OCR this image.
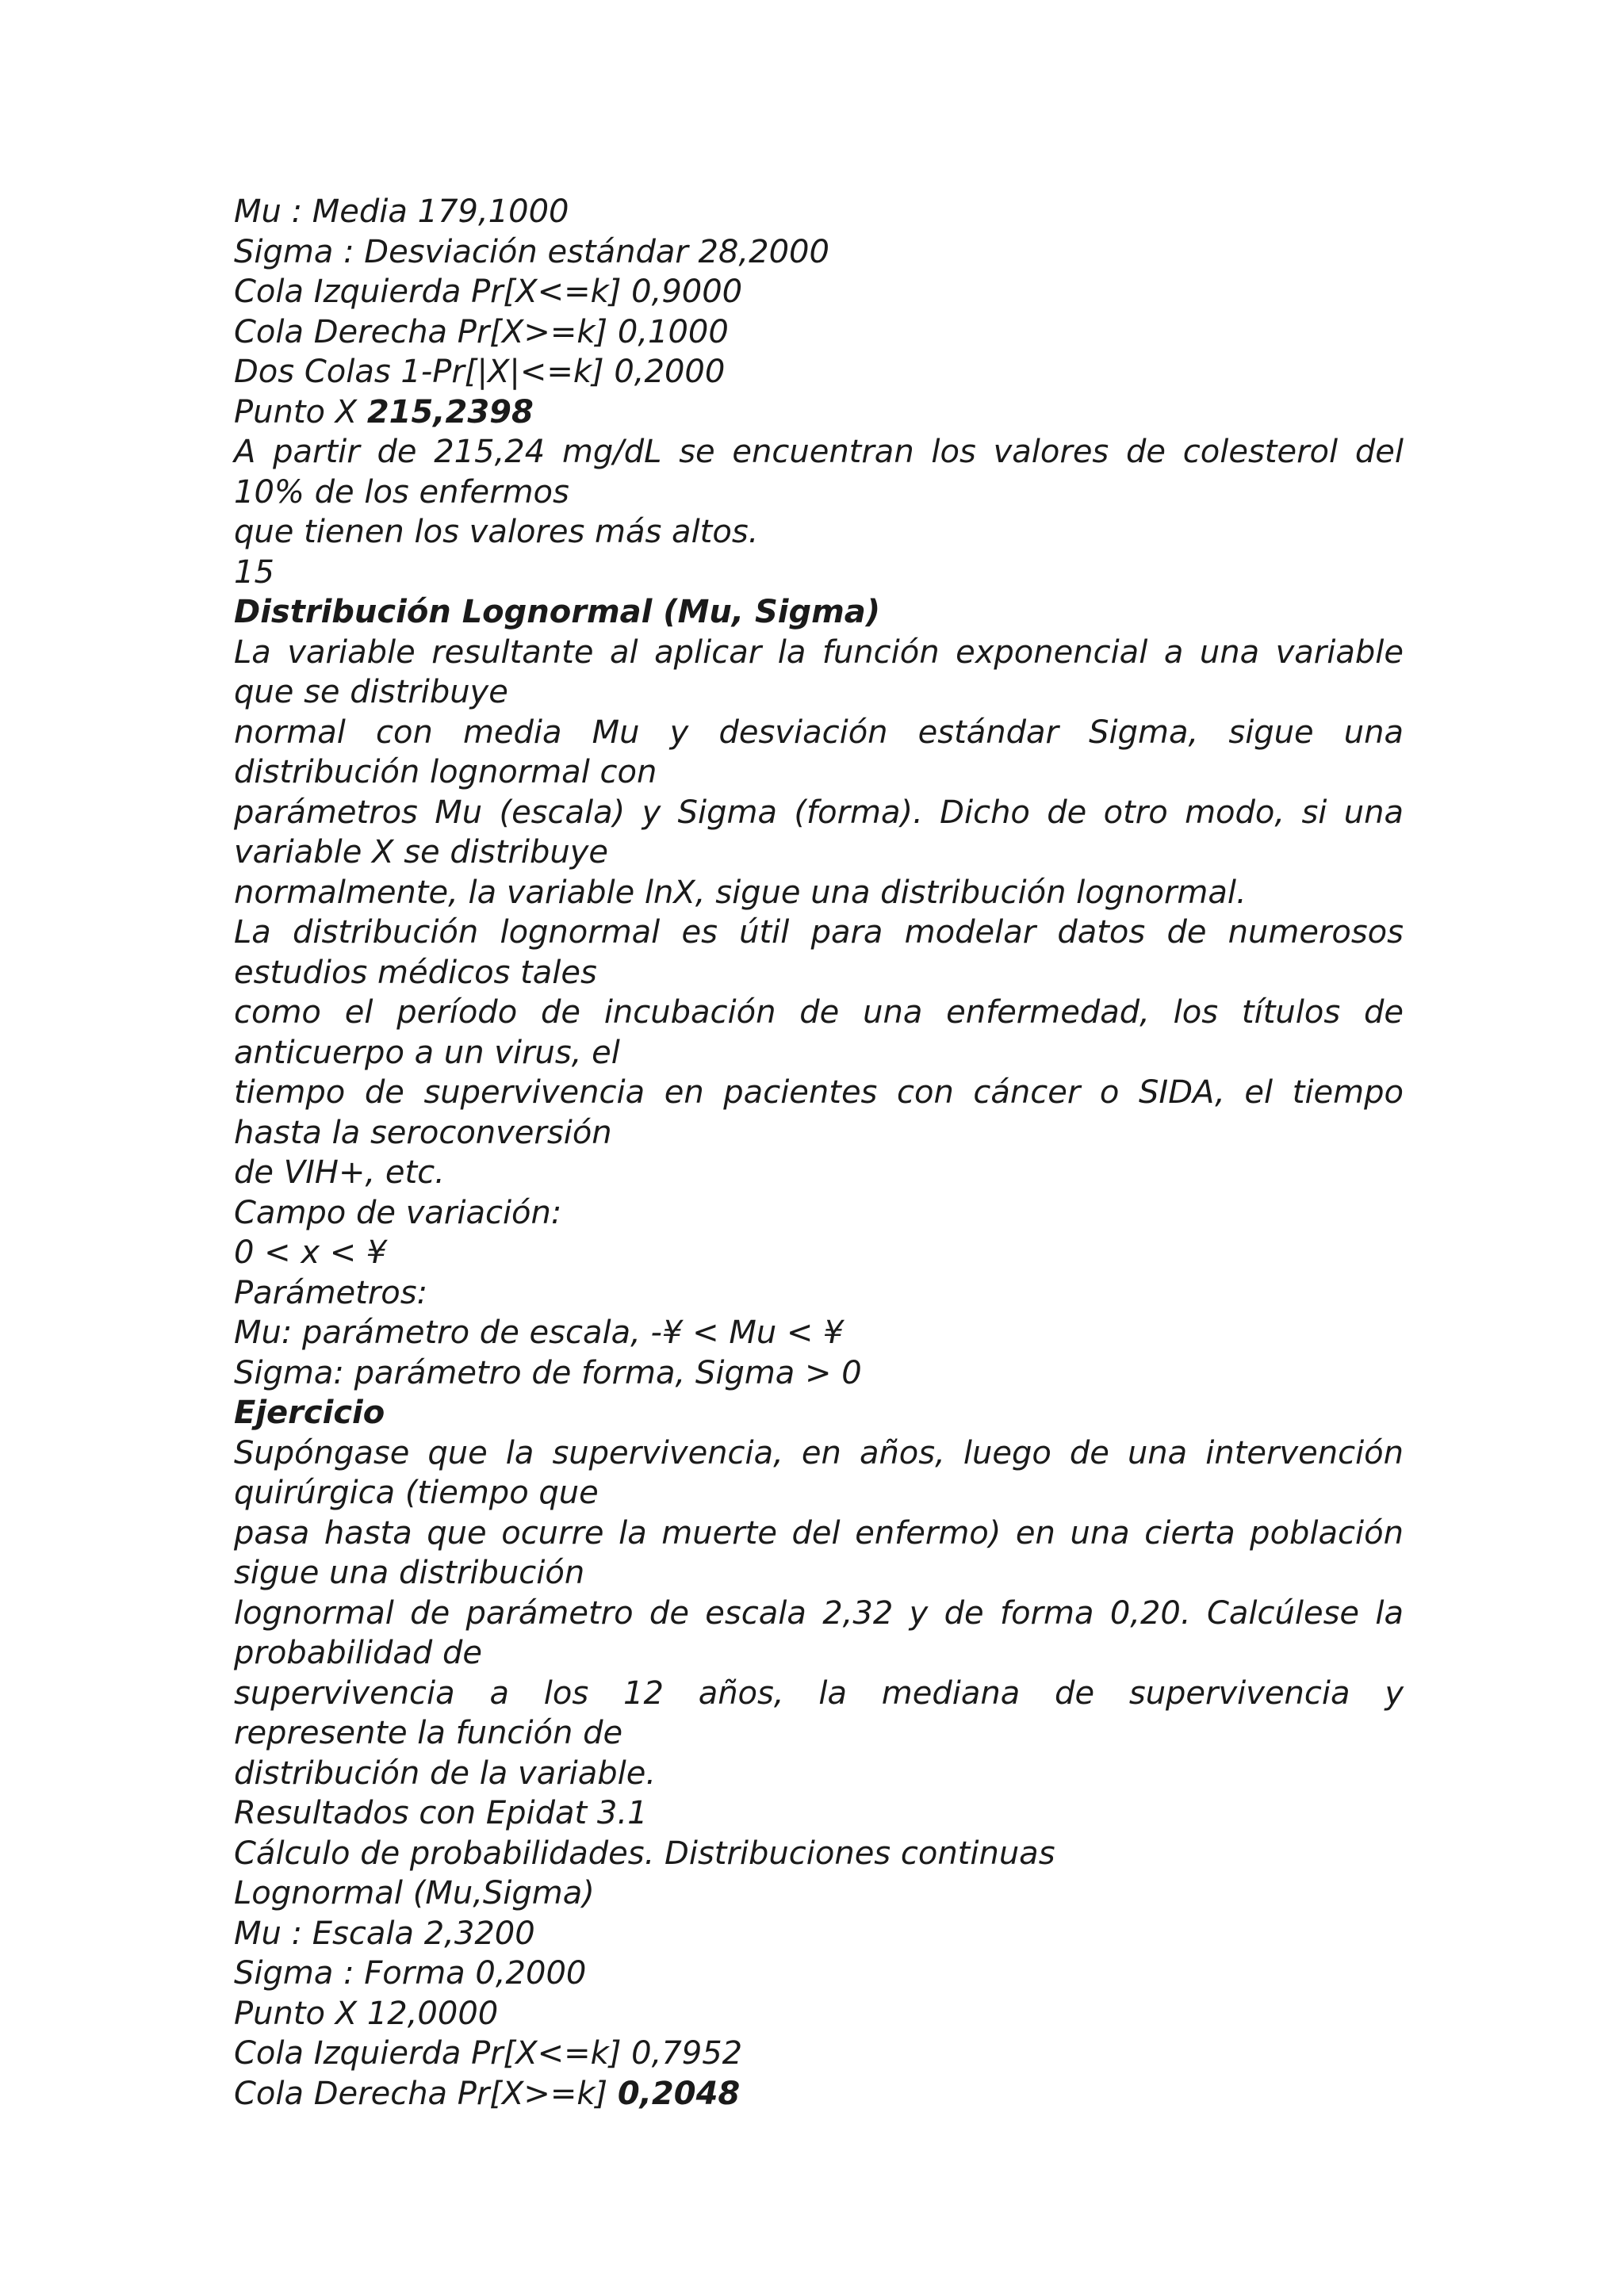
Mu : Media 179,1000
Sigma : Desviación estándar 28,2000
Cola Izquierda Pr[X<=k] 0,9000
Cola Derecha Pr[X>=k] 0,1000
Dos Colas 1-Pr[|X|<=k] 0,2000
Punto X 215,2398
A partir de 215,24 mg/dL se encuentran los valores de colesterol del
10% de los enfermos
que tienen los valores más altos.
15
Distribución Lognormal (Mu, Sigma)
La variable resultante al aplicar la función exponencial a una variable
que se distribuye
normal con media Mu y desviación estándar Sigma, sigue una
distribución lognormal con
parámetros Mu (escala) y Sigma (forma). Dicho de otro modo, si una
variable X se distribuye
normalmente, la variable lnX, sigue una distribución lognormal.
La distribución lognormal es útil para modelar datos de numerosos
estudios médicos tales
como el período de incubación de una enfermedad, los títulos de
anticuerpo a un virus, el
tiempo de supervivencia en pacientes con cáncer o SIDA, el tiempo
hasta la seroconversión
de VIH+, etc.
Campo de variación:
0 < x < ¥
Parámetros:
Mu: parámetro de escala, -¥ < Mu < ¥
Sigma: parámetro de forma, Sigma > 0
Ejercicio
Supóngase que la supervivencia, en años, luego de una intervención
quirúrgica (tiempo que
pasa hasta que ocurre la muerte del enfermo) en una cierta población
sigue una distribución
lognormal de parámetro de escala 2,32 y de forma 0,20. Calcúlese la
probabilidad de
supervivencia a los 12 años, la mediana de supervivencia y
represente la función de
distribución de la variable.
Resultados con Epidat 3.1
Cálculo de probabilidades. Distribuciones continuas
Lognormal (Mu,Sigma)
Mu : Escala 2,3200
Sigma : Forma 0,2000
Punto X 12,0000
Cola Izquierda Pr[X<=k] 0,7952
Cola Derecha Pr[X>=k] 0,2048
